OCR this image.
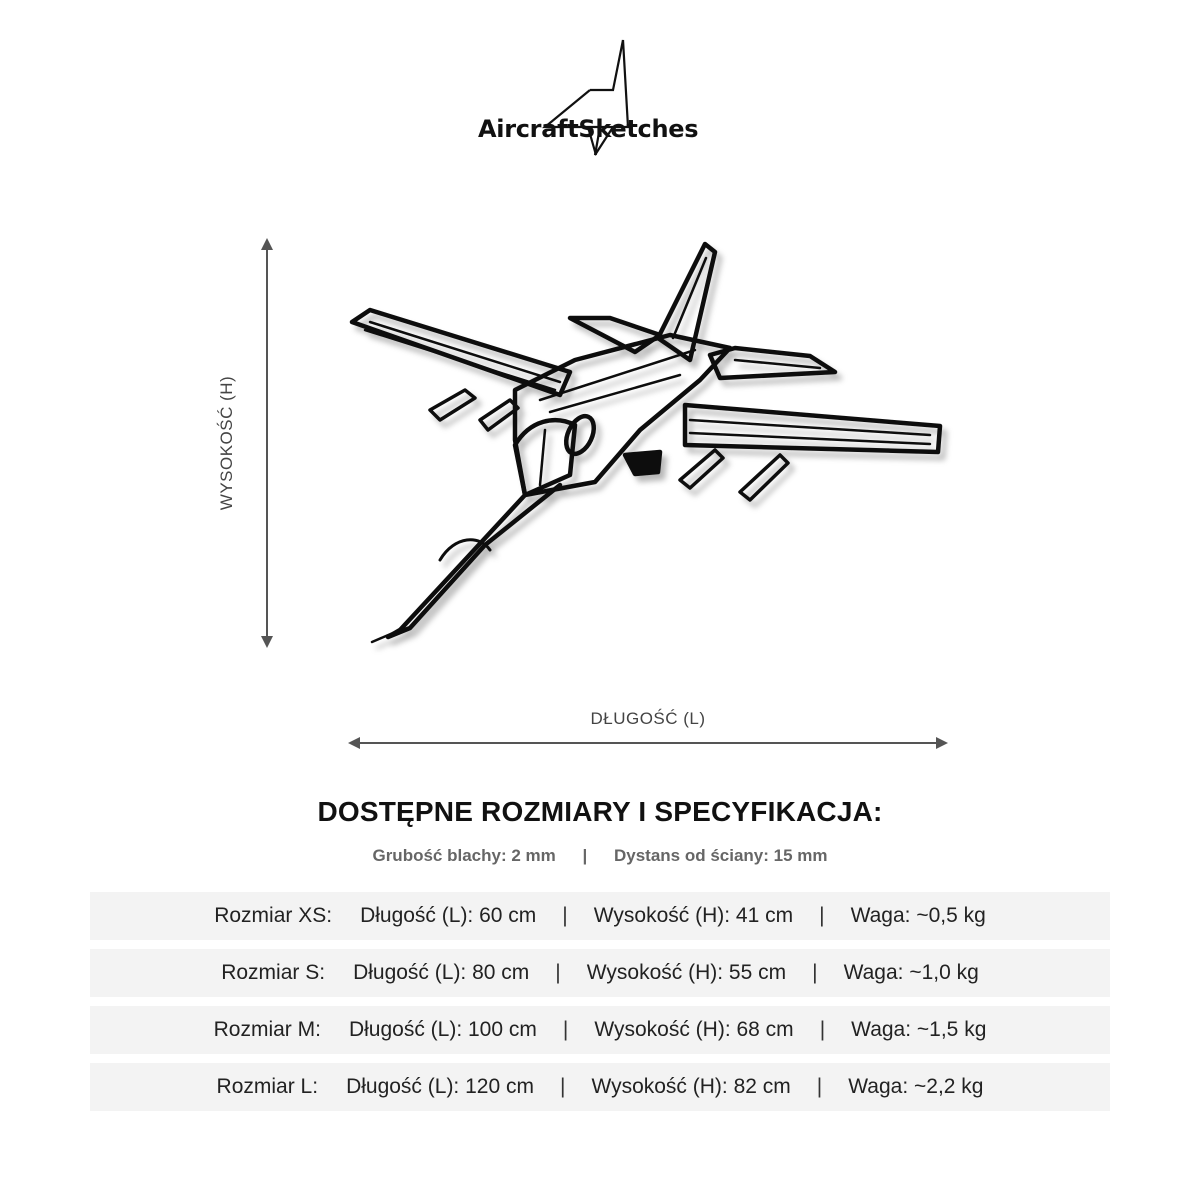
AircraftSketches
WYSOKOŚĆ (H)
DŁUGOŚĆ (L)
DOSTĘPNE ROZMIARY I SPECYFIKACJA:
Grubość blachy: 2 mm | Dystans od ściany: 15 mm
Rozmiar XS: Długość (L): 60 cm | Wysokość (H): 41 cm | Waga: ~0,5 kg
Rozmiar S: Długość (L): 80 cm | Wysokość (H): 55 cm | Waga: ~1,0 kg
Rozmiar M: Długość (L): 100 cm | Wysokość (H): 68 cm | Waga: ~1,5 kg
Rozmiar L: Długość (L): 120 cm | Wysokość (H): 82 cm | Waga: ~2,2 kg
